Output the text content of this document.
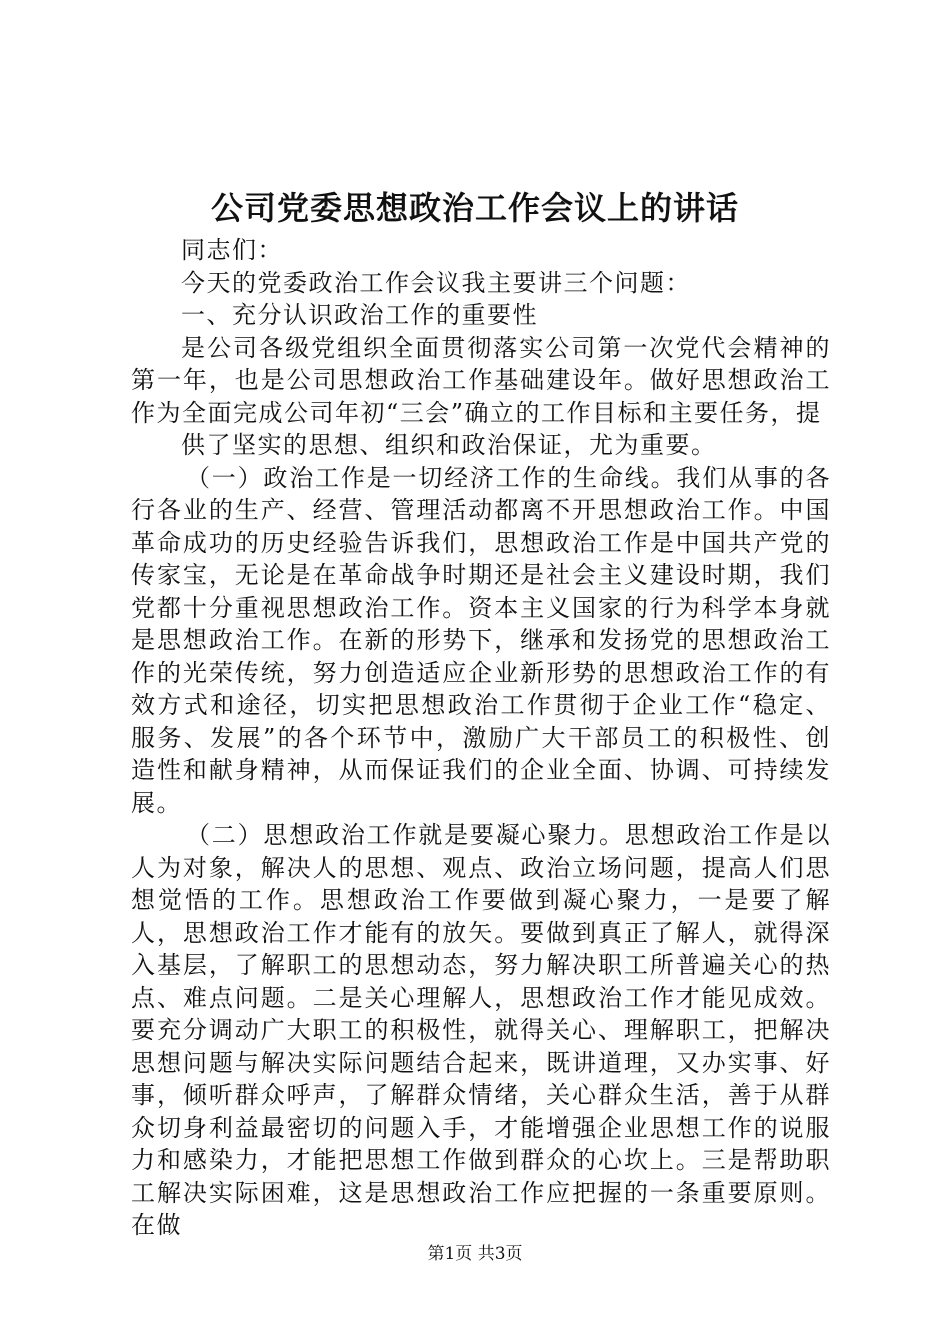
公司党委思想政治工作会议上的讲话

同志们：

今天的党委政治工作会议我主要讲三个问题：

一、充分认识政治工作的重要性

是公司各级党组织全面贯彻落实公司第一次党代会精神的第一年，也是公司思想政治工作基础建设年。做好思想政治工作为全面完成公司年初“三会”确立的工作目标和主要任务，提

供了坚实的思想、组织和政治保证，尤为重要。

（一）政治工作是一切经济工作的生命线。我们从事的各行各业的生产、经营、管理活动都离不开思想政治工作。中国革命成功的历史经验告诉我们，思想政治工作是中国共产党的传家宝，无论是在革命战争时期还是社会主义建设时期，我们党都十分重视思想政治工作。资本主义国家的行为科学本身就是思想政治工作。在新的形势下，继承和发扬党的思想政治工作的光荣传统，努力创造适应企业新形势的思想政治工作的有效方式和途径，切实把思想政治工作贯彻于企业工作“稳定、服务、发展”的各个环节中，激励广大干部员工的积极性、创造性和献身精神，从而保证我们的企业全面、协调、可持续发展。

（二）思想政治工作就是要凝心聚力。思想政治工作是以人为对象，解决人的思想、观点、政治立场问题，提高人们思想觉悟的工作。思想政治工作要做到凝心聚力，一是要了解人，思想政治工作才能有的放矢。要做到真正了解人，就得深入基层，了解职工的思想动态，努力解决职工所普遍关心的热点、难点问题。二是关心理解人，思想政治工作才能见成效。要充分调动广大职工的积极性，就得关心、理解职工，把解决思想问题与解决实际问题结合起来，既讲道理，又办实事、好事，倾听群众呼声，了解群众情绪，关心群众生活，善于从群众切身利益最密切的问题入手，才能增强企业思想工作的说服力和感染力，才能把思想工作做到群众的心坎上。三是帮助职工解决实际困难，这是思想政治工作应把握的一条重要原则。在做

第1页 共3页
